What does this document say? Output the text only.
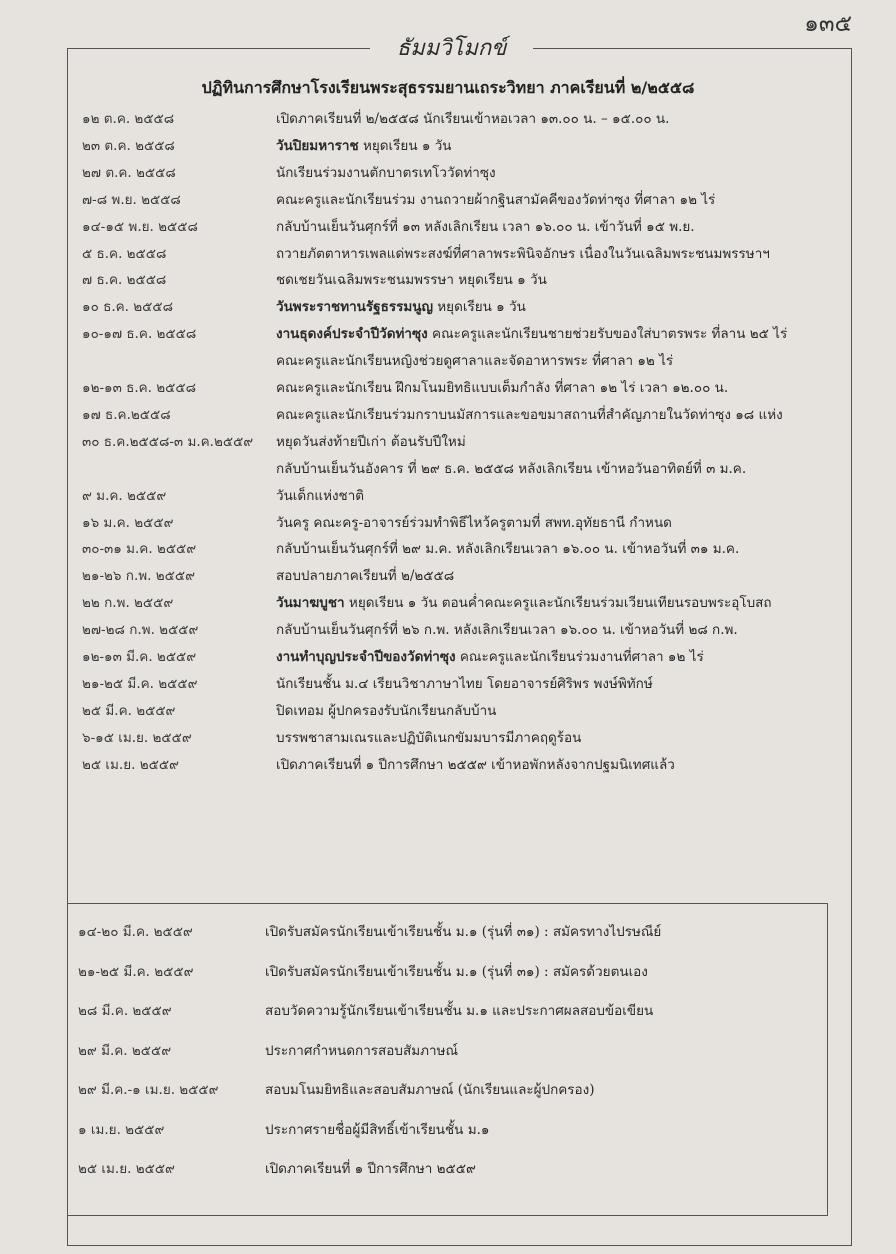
๑๓๕
ธัมมวิโมกข์
ปฏิทินการศึกษาโรงเรียนพระสุธรรมยานเถระวิทยา ภาคเรียนที่ ๒/๒๕๕๘
๑๒ ต.ค. ๒๕๕๘	เปิดภาคเรียนที่ ๒/๒๕๕๘ นักเรียนเข้าหอเวลา ๑๓.๐๐ น. – ๑๕.๐๐ น.
๒๓ ต.ค. ๒๕๕๘	วันปิยมหาราช หยุดเรียน ๑ วัน
๒๗ ต.ค. ๒๕๕๘	นักเรียนร่วมงานตักบาตรเทโววัดท่าซุง
๗-๘ พ.ย. ๒๕๕๘	คณะครูและนักเรียนร่วม งานถวายผ้ากฐินสามัคคีของวัดท่าซุง ที่ศาลา ๑๒ ไร่
๑๔-๑๕ พ.ย. ๒๕๕๘	กลับบ้านเย็นวันศุกร์ที่ ๑๓ หลังเลิกเรียน เวลา ๑๖.๐๐ น. เข้าวันที่ ๑๕ พ.ย.
๕ ธ.ค. ๒๕๕๘	ถวายภัตตาหารเพลแด่พระสงฆ์ที่ศาลาพระพินิจอักษร เนื่องในวันเฉลิมพระชนมพรรษาฯ
๗ ธ.ค. ๒๕๕๘	ชดเชยวันเฉลิมพระชนมพรรษา หยุดเรียน ๑ วัน
๑๐ ธ.ค. ๒๕๕๘	วันพระราชทานรัฐธรรมนูญ หยุดเรียน ๑ วัน
๑๐-๑๗ ธ.ค. ๒๕๕๘	งานธุดงค์ประจำปีวัดท่าซุง คณะครูและนักเรียนชายช่วยรับของใส่บาตรพระ ที่ลาน ๒๕ ไร่
คณะครูและนักเรียนหญิงช่วยดูศาลาและจัดอาหารพระ ที่ศาลา ๑๒ ไร่
๑๒-๑๓ ธ.ค. ๒๕๕๘	คณะครูและนักเรียน ฝึกมโนมยิทธิแบบเต็มกำลัง ที่ศาลา ๑๒ ไร่ เวลา ๑๒.๐๐ น.
๑๗ ธ.ค.๒๕๕๘	คณะครูและนักเรียนร่วมกราบนมัสการและขอขมาสถานที่สำคัญภายในวัดท่าซุง ๑๘ แห่ง
๓๐ ธ.ค.๒๕๕๘-๓ ม.ค.๒๕๕๙	หยุดวันส่งท้ายปีเก่า ต้อนรับปีใหม่
กลับบ้านเย็นวันอังคาร ที่ ๒๙ ธ.ค. ๒๕๕๘ หลังเลิกเรียน เข้าหอวันอาทิตย์ที่ ๓ ม.ค.
๙ ม.ค. ๒๕๕๙	วันเด็กแห่งชาติ
๑๖ ม.ค. ๒๕๕๙	วันครู คณะครู-อาจารย์ร่วมทำพิธีไหว้ครูตามที่ สพท.อุทัยธานี กำหนด
๓๐-๓๑ ม.ค. ๒๕๕๙	กลับบ้านเย็นวันศุกร์ที่ ๒๙ ม.ค. หลังเลิกเรียนเวลา ๑๖.๐๐ น. เข้าหอวันที่ ๓๑ ม.ค.
๒๑-๒๖ ก.พ. ๒๕๕๙	สอบปลายภาคเรียนที่ ๒/๒๕๕๘
๒๒ ก.พ. ๒๕๕๙	วันมาฆบูชา หยุดเรียน ๑ วัน ตอนค่ำคณะครูและนักเรียนร่วมเวียนเทียนรอบพระอุโบสถ
๒๗-๒๘ ก.พ. ๒๕๕๙	กลับบ้านเย็นวันศุกร์ที่ ๒๖ ก.พ. หลังเลิกเรียนเวลา ๑๖.๐๐ น. เข้าหอวันที่ ๒๘ ก.พ.
๑๒-๑๓ มี.ค. ๒๕๕๙	งานทำบุญประจำปีของวัดท่าซุง คณะครูและนักเรียนร่วมงานที่ศาลา ๑๒ ไร่
๒๑-๒๕ มี.ค. ๒๕๕๙	นักเรียนชั้น ม.๔ เรียนวิชาภาษาไทย โดยอาจารย์ศิริพร พงษ์พิทักษ์
๒๕ มี.ค. ๒๕๕๙	ปิดเทอม ผู้ปกครองรับนักเรียนกลับบ้าน
๖-๑๕ เม.ย. ๒๕๕๙	บรรพชาสามเณรและปฏิบัติเนกขัมมบารมีภาคฤดูร้อน
๒๕ เม.ย. ๒๕๕๙	เปิดภาคเรียนที่ ๑ ปีการศึกษา ๒๕๕๙ เข้าหอพักหลังจากปฐมนิเทศแล้ว
๑๔-๒๐ มี.ค. ๒๕๕๙	เปิดรับสมัครนักเรียนเข้าเรียนชั้น ม.๑ (รุ่นที่ ๓๑) : สมัครทางไปรษณีย์
๒๑-๒๕ มี.ค. ๒๕๕๙	เปิดรับสมัครนักเรียนเข้าเรียนชั้น ม.๑ (รุ่นที่ ๓๑) : สมัครด้วยตนเอง
๒๘ มี.ค. ๒๕๕๙	สอบวัดความรู้นักเรียนเข้าเรียนชั้น ม.๑ และประกาศผลสอบข้อเขียน
๒๙ มี.ค. ๒๕๕๙	ประกาศกำหนดการสอบสัมภาษณ์
๒๙ มี.ค.-๑ เม.ย. ๒๕๕๙	สอบมโนมยิทธิและสอบสัมภาษณ์ (นักเรียนและผู้ปกครอง)
๑ เม.ย. ๒๕๕๙	ประกาศรายชื่อผู้มีสิทธิ์เข้าเรียนชั้น ม.๑
๒๕ เม.ย. ๒๕๕๙	เปิดภาคเรียนที่ ๑ ปีการศึกษา ๒๕๕๙
